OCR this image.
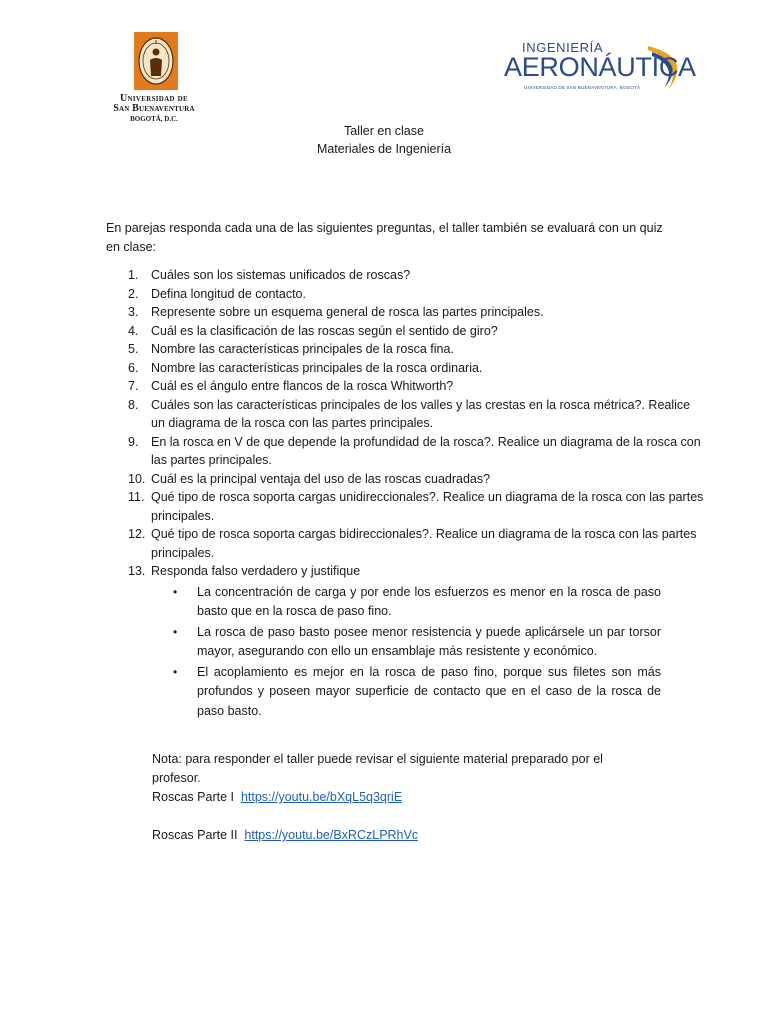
Universidad de
San Buenaventura
BOGOTÁ, D.C.
INGENIERÍA
AERONÁUTICA
UNIVERSIDAD DE SAN BUENAVENTURA, BOGOTÁ
Taller en clase
Materiales de Ingeniería
En parejas responda cada una de las siguientes preguntas, el taller también se evaluará con un quiz en clase:
1. Cuáles son los sistemas unificados de roscas?
2. Defina longitud de contacto.
3. Represente sobre un esquema general de rosca las partes principales.
4. Cuál es la clasificación de las roscas según el sentido de giro?
5. Nombre las características principales de la rosca fina.
6. Nombre las características principales de la rosca ordinaria.
7. Cuál es el ángulo entre flancos de la rosca Whitworth?
8. Cuáles son las características principales de los valles y las crestas en la rosca métrica?. Realice un diagrama de la rosca con las partes principales.
9. En la rosca en V de que depende la profundidad de la rosca?. Realice un diagrama de la rosca con las partes principales.
10. Cuál es la principal ventaja del uso de las roscas cuadradas?
11. Qué tipo de rosca soporta cargas unidireccionales?. Realice un diagrama de la rosca con las partes principales.
12. Qué tipo de rosca soporta cargas bidireccionales?. Realice un diagrama de la rosca con las partes principales.
13. Responda falso verdadero y justifique
• La concentración de carga y por ende los esfuerzos es menor en la rosca de paso basto que en la rosca de paso fino.
• La rosca de paso basto posee menor resistencia y puede aplicársele un par torsor mayor, asegurando con ello un ensamblaje más resistente y económico.
• El acoplamiento es mejor en la rosca de paso fino, porque sus filetes son más profundos y poseen mayor superficie de contacto que en el caso de la rosca de paso basto.
Nota: para responder el taller puede revisar el siguiente material preparado por el profesor.
Roscas Parte I https://youtu.be/bXqL5q3qriE
Roscas Parte II https://youtu.be/BxRCzLPRhVc
